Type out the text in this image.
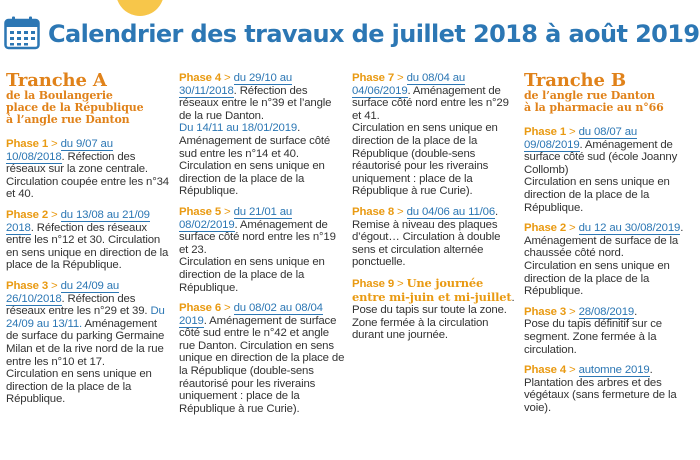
Calendrier des travaux de juillet 2018 à août 2019
Tranche A
de la Boulangerie
place de la République
à l’angle rue Danton

Phase 1 > du 9/07 au 10/08/2018. Réfection des réseaux sur la zone centrale. Circulation coupée entre les n°34 et 40.

Phase 2 > du 13/08 au 21/09 2018. Réfection des réseaux entre les n°12 et 30. Circulation en sens unique en direction de la place de la République.

Phase 3 > du 24/09 au 26/10/2018. Réfection des réseaux entre les n°29 et 39. Du 24/09 au 13/11. Aménagement de surface du parking Germaine Milan et de la rive nord de la rue entre les n°10 et 17.
Circulation en sens unique en direction de la place de la République.

Phase 4 > du 29/10 au 30/11/2018. Réfection des réseaux entre le n°39 et l’angle de la rue Danton.
Du 14/11 au 18/01/2019. Aménagement de surface côté sud entre les n°14 et 40. Circulation en sens unique en direction de la place de la République.

Phase 5 > du 21/01 au 08/02/2019. Aménagement de surface côté nord entre les n°19 et 23.
Circulation en sens unique en direction de la place de la République.

Phase 6 > du 08/02 au 08/04 2019. Aménagement de surface côté sud entre le n°42 et angle rue Danton. Circulation en sens unique en direction de la place de la République (double-sens réautorisé pour les riverains uniquement : place de la République à rue Curie).

Phase 7 > du 08/04 au 04/06/2019. Aménagement de surface côté nord entre les n°29 et 41.
Circulation en sens unique en direction de la place de la République (double-sens réautorisé pour les riverains uniquement : place de la République à rue Curie).

Phase 8 > du 04/06 au 11/06. Remise à niveau des plaques d’égout… Circulation à double sens et circulation alternée ponctuelle.

Phase 9 > Une journée entre mi-juin et mi-juillet. Pose du tapis sur toute la zone. Zone fermée à la circulation durant une journée.

Tranche B
de l’angle rue Danton
à la pharmacie au n°66

Phase 1 > du 08/07 au 09/08/2019. Aménagement de surface côté sud (école Joanny Collomb)
Circulation en sens unique en direction de la place de la République.

Phase 2 > du 12 au 30/08/2019. Aménagement de surface de la chaussée côté nord.
Circulation en sens unique en direction de la place de la République.

Phase 3 > 28/08/2019.
Pose du tapis définitif sur ce segment. Zone fermée à la circulation.

Phase 4 > automne 2019.
Plantation des arbres et des végétaux (sans fermeture de la voie).
